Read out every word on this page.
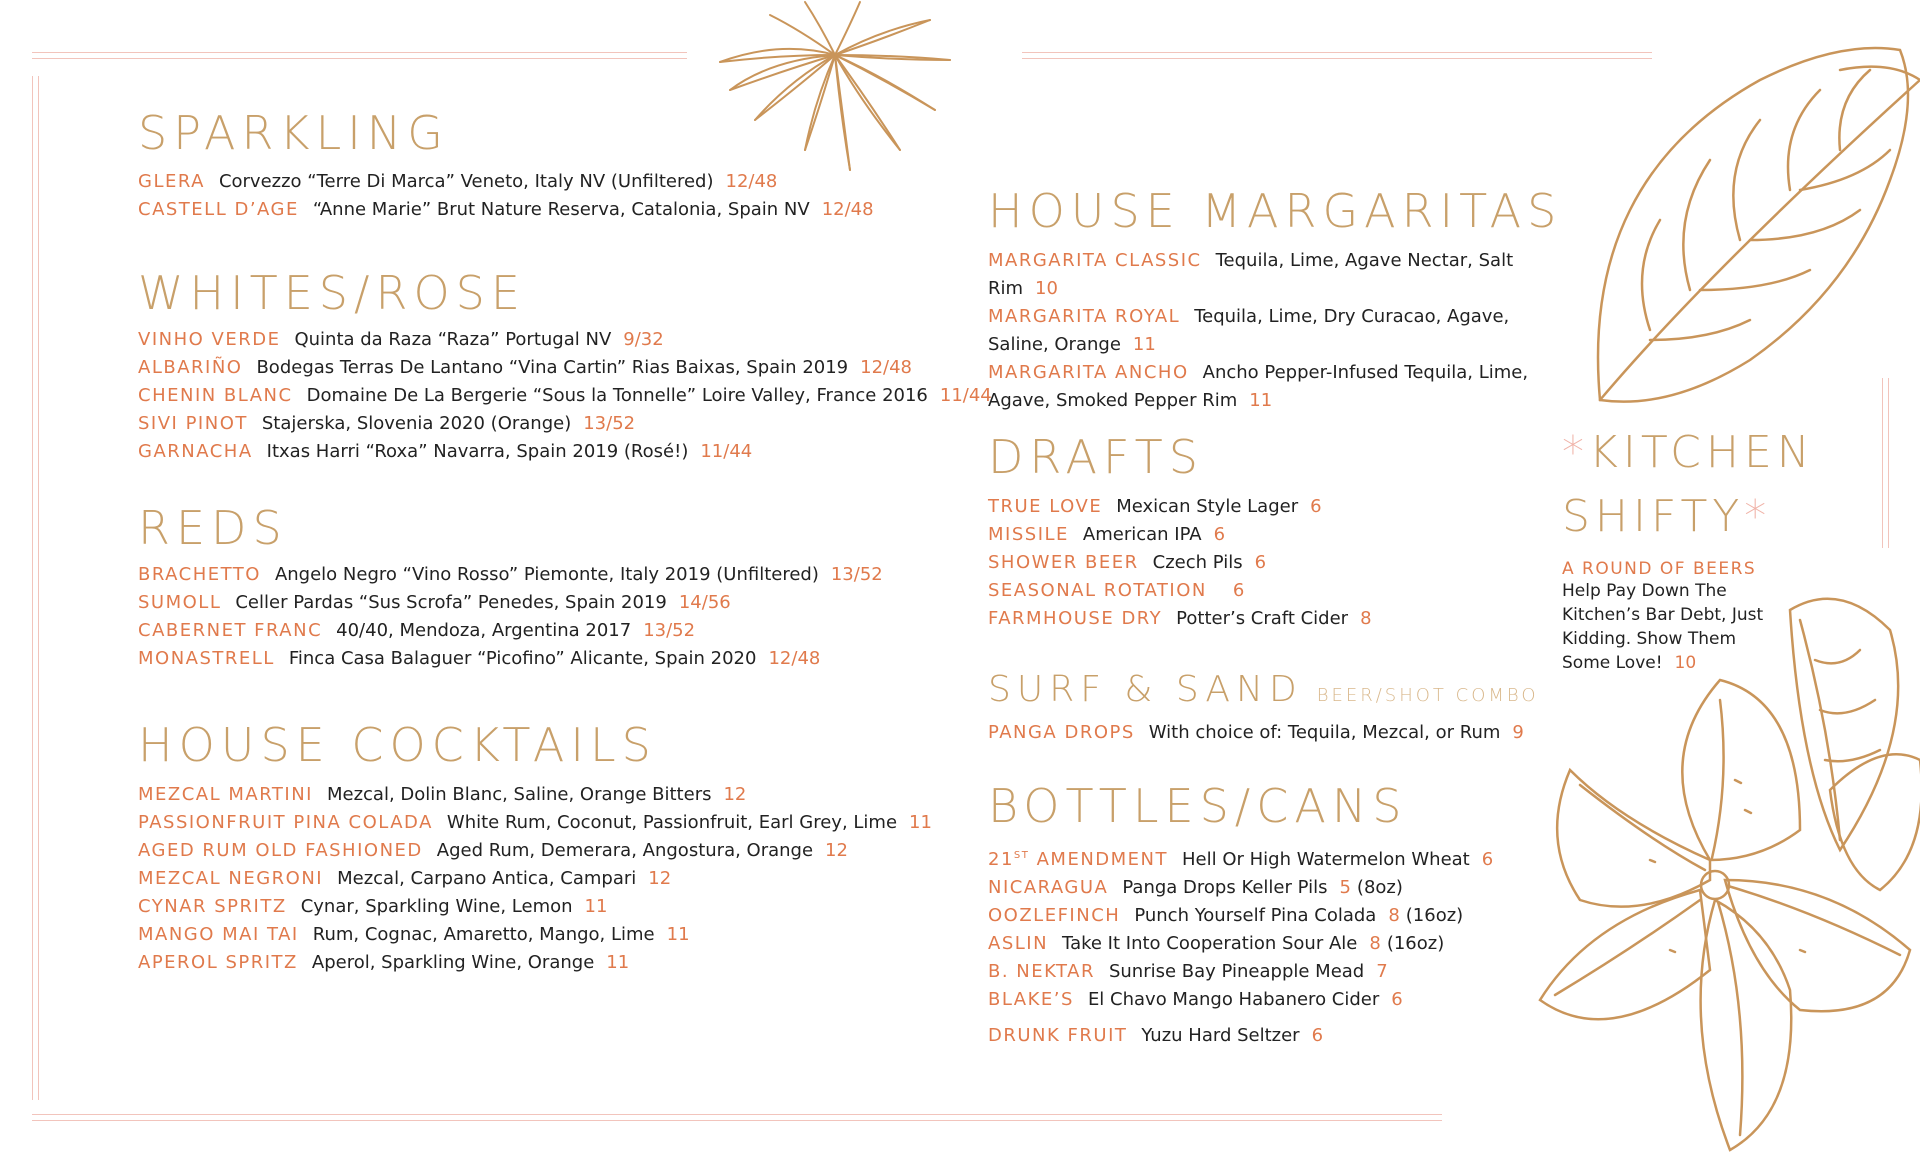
SPARKLING
GLERA Corvezzo “Terre Di Marca” Veneto, Italy NV (Unfiltered) 12/48
CASTELL D’AGE “Anne Marie” Brut Nature Reserva, Catalonia, Spain NV 12/48
WHITES/ROSE
VINHO VERDE Quinta da Raza “Raza” Portugal NV 9/32
ALBARIÑO Bodegas Terras De Lantano “Vina Cartin” Rias Baixas, Spain 2019 12/48
CHENIN BLANC Domaine De La Bergerie “Sous la Tonnelle” Loire Valley, France 2016 11/44
SIVI PINOT Stajerska, Slovenia 2020 (Orange) 13/52
GARNACHA Itxas Harri “Roxa” Navarra, Spain 2019 (Rosé!) 11/44
REDS
BRACHETTO Angelo Negro “Vino Rosso” Piemonte, Italy 2019 (Unfiltered) 13/52
SUMOLL Celler Pardas “Sus Scrofa” Penedes, Spain 2019 14/56
CABERNET FRANC 40/40, Mendoza, Argentina 2017 13/52
MONASTRELL Finca Casa Balaguer “Picofino” Alicante, Spain 2020 12/48
HOUSE COCKTAILS
MEZCAL MARTINI Mezcal, Dolin Blanc, Saline, Orange Bitters 12
PASSIONFRUIT PINA COLADA White Rum, Coconut, Passionfruit, Earl Grey, Lime 11
AGED RUM OLD FASHIONED Aged Rum, Demerara, Angostura, Orange 12
MEZCAL NEGRONI Mezcal, Carpano Antica, Campari 12
CYNAR SPRITZ Cynar, Sparkling Wine, Lemon 11
MANGO MAI TAI Rum, Cognac, Amaretto, Mango, Lime 11
APEROL SPRITZ Aperol, Sparkling Wine, Orange 11
HOUSE MARGARITAS
MARGARITA CLASSIC Tequila, Lime, Agave Nectar, Salt Rim 10
MARGARITA ROYAL Tequila, Lime, Dry Curacao, Agave, Saline, Orange 11
MARGARITA ANCHO Ancho Pepper-Infused Tequila, Lime, Agave, Smoked Pepper Rim 11
DRAFTS
TRUE LOVE Mexican Style Lager 6
MISSILE American IPA 6
SHOWER BEER Czech Pils 6
SEASONAL ROTATION 6
FARMHOUSE DRY Potter’s Craft Cider 8
SURF & SAND BEER/SHOT COMBO
PANGA DROPS With choice of: Tequila, Mezcal, or Rum 9
BOTTLES/CANS
21ST AMENDMENT Hell Or High Watermelon Wheat 6
NICARAGUA Panga Drops Keller Pils 5 (8oz)
OOZLEFINCH Punch Yourself Pina Colada 8 (16oz)
ASLIN Take It Into Cooperation Sour Ale 8 (16oz)
B. NEKTAR Sunrise Bay Pineapple Mead 7
BLAKE’S El Chavo Mango Habanero Cider 6
DRUNK FRUIT Yuzu Hard Seltzer 6
*KITCHEN
SHIFTY*
A ROUND OF BEERS
Help Pay Down The Kitchen’s Bar Debt, Just Kidding. Show Them Some Love! 10
